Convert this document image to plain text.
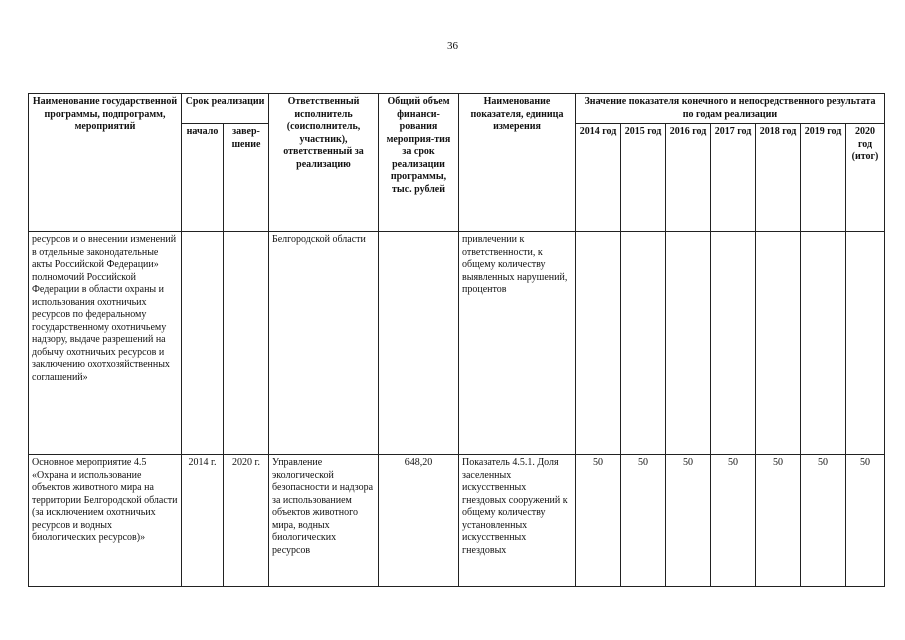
36
Наименование государственной программы, подпрограмм, мероприятий	Срок реализации		Ответственный исполнитель (соисполнитель, участник), ответственный за реализацию	Общий объем финанси-рования мероприя-тия за срок реализации программы, тыс. рублей	Наименование показателя, единица измерения	Значение показателя конечного и непосредственного результата по годам реализации						
	начало	завер-шение				2014 год	2015 год	2016 год	2017 год	2018 год	2019 год	2020 год (итог)
ресурсов и о внесении изменений в отдельные законодательные акты Российской Федерации» полномочий Российской Федерации в области охраны и использования охотничьих ресурсов по федеральному государственному охотничьему надзору, выдаче разрешений на добычу охотничьих ресурсов и заключению охотхозяйственных соглашений»			Белгородской области		привлечении к ответственности, к общему количеству выявленных нарушений, процентов							
Основное мероприятие 4.5 «Охрана и использование объектов животного мира на территории Белгородской области (за исключением охотничьих ресурсов и водных биологических ресурсов)»	2014 г.	2020 г.	Управление экологической безопасности и надзора за использованием объектов животного мира, водных биологических ресурсов	648,20	Показатель 4.5.1. Доля заселенных искусственных гнездовых сооружений к общему количеству установленных искусственных гнездовых	50	50	50	50	50	50	50
